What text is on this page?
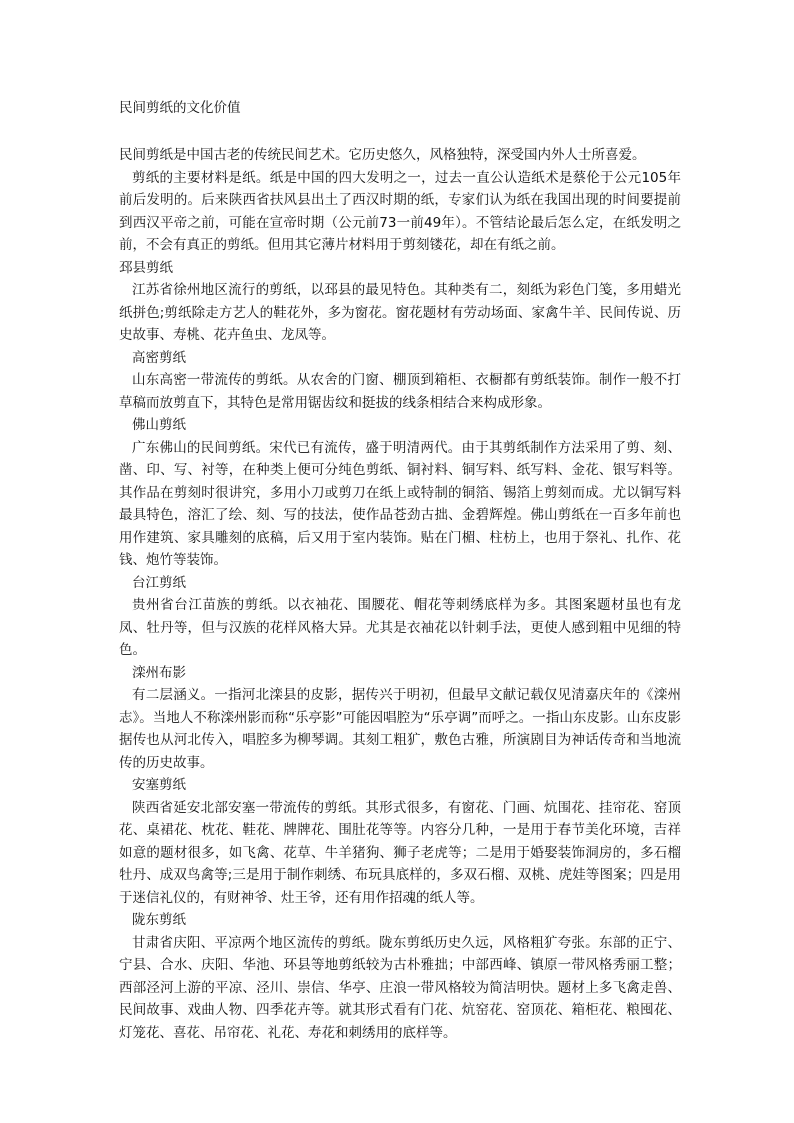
民间剪纸的文化价值

民间剪纸是中国古老的传统民间艺术。它历史悠久，风格独特，深受国内外人士所喜爱。

剪纸的主要材料是纸。纸是中国的四大发明之一，过去一直公认造纸术是蔡伦于公元105年前后发明的。后来陕西省扶风县出土了西汉时期的纸，专家们认为纸在我国出现的时间要提前到西汉平帝之前，可能在宣帝时期（公元前73一前49年）。不管结论最后怎么定，在纸发明之前，不会有真正的剪纸。但用其它薄片材料用于剪刻镂花，却在有纸之前。

邳县剪纸

江苏省徐州地区流行的剪纸，以邳县的最见特色。其种类有二，刻纸为彩色门笺，多用蜡光纸拼色;剪纸除走方艺人的鞋花外，多为窗花。窗花题材有劳动场面、家禽牛羊、民间传说、历史故事、寿桃、花卉鱼虫、龙凤等。

高密剪纸

山东高密一带流传的剪纸。从农舍的门窗、棚顶到箱柜、衣橱都有剪纸装饰。制作一般不打草稿而放剪直下，其特色是常用锯齿纹和挺拔的线条相结合来构成形象。

佛山剪纸

广东佛山的民间剪纸。宋代已有流传，盛于明清两代。由于其剪纸制作方法采用了剪、刻、凿、印、写、衬等，在种类上便可分纯色剪纸、铜衬料、铜写料、纸写料、金花、银写料等。其作品在剪刻时很讲究，多用小刀或剪刀在纸上或特制的铜箔、锡箔上剪刻而成。尤以铜写料最具特色，溶汇了绘、刻、写的技法，使作品苍劲古拙、金碧辉煌。佛山剪纸在一百多年前也用作建筑、家具雕刻的底稿，后又用于室内装饰。贴在门楣、柱枋上，也用于祭礼、扎作、花钱、炮竹等装饰。

台江剪纸

贵州省台江苗族的剪纸。以衣袖花、围腰花、帽花等刺绣底样为多。其图案题材虽也有龙凤、牡丹等，但与汉族的花样风格大异。尤其是衣袖花以针刺手法，更使人感到粗中见细的特色。

滦州布影

有二层涵义。一指河北滦县的皮影，据传兴于明初，但最早文献记载仅见清嘉庆年的《滦州志》。当地人不称滦州影而称“乐亭影”可能因唱腔为“乐亭调”而呼之。一指山东皮影。山东皮影据传也从河北传入，唱腔多为柳琴调。其刻工粗犷，敷色古雅，所演剧目为神话传奇和当地流传的历史故事。

安塞剪纸

陕西省延安北部安塞一带流传的剪纸。其形式很多，有窗花、门画、炕围花、挂帘花、窑顶花、桌裙花、枕花、鞋花、牌牌花、围肚花等等。内容分几种，一是用于春节美化环境，吉祥如意的题材很多，如飞禽、花草、牛羊猪狗、狮子老虎等；二是用于婚娶装饰洞房的，多石榴牡丹、成双鸟禽等;三是用于制作刺绣、布玩具底样的，多双石榴、双桃、虎娃等图案；四是用于迷信礼仪的，有财神爷、灶王爷，还有用作招魂的纸人等。

陇东剪纸

甘肃省庆阳、平凉两个地区流传的剪纸。陇东剪纸历史久远，风格粗犷夸张。东部的正宁、宁县、合水、庆阳、华池、环县等地剪纸较为古朴雅拙；中部西峰、镇原一带风格秀丽工整；西部泾河上游的平凉、泾川、崇信、华亭、庄浪一带风格较为简洁明快。题材上多飞禽走兽、民间故事、戏曲人物、四季花卉等。就其形式看有门花、炕窑花、窑顶花、箱柜花、粮囤花、灯笼花、喜花、吊帘花、礼花、寿花和刺绣用的底样等。
